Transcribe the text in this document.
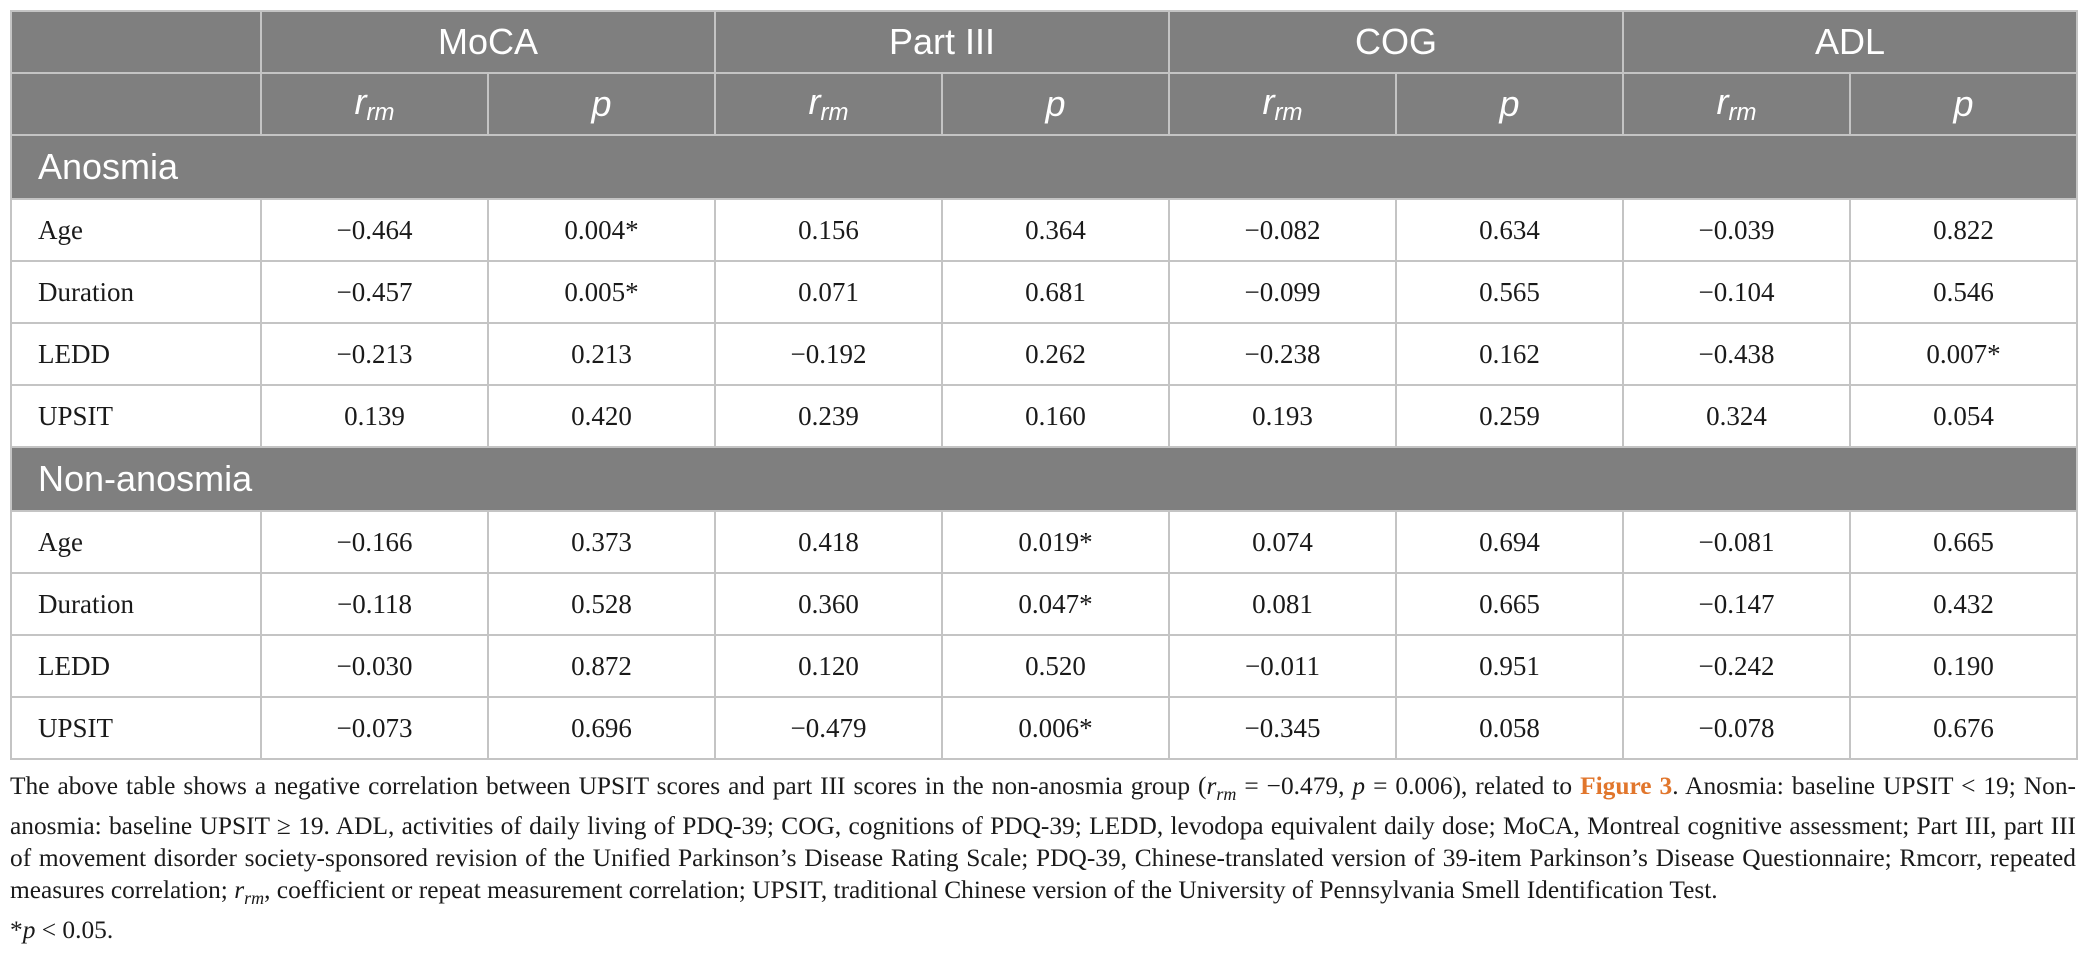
	MoCA		Part III		COG		ADL	
	$r_{rm}$	p	$r_{rm}$	p	$r_{rm}$	p	$r_{rm}$	p
Anosmia								
Age	−0.464	0.004*	0.156	0.364	−0.082	0.634	−0.039	0.822
Duration	−0.457	0.005*	0.071	0.681	−0.099	0.565	−0.104	0.546
LEDD	−0.213	0.213	−0.192	0.262	−0.238	0.162	−0.438	0.007*
UPSIT	0.139	0.420	0.239	0.160	0.193	0.259	0.324	0.054
Non-anosmia								
Age	−0.166	0.373	0.418	0.019*	0.074	0.694	−0.081	0.665
Duration	−0.118	0.528	0.360	0.047*	0.081	0.665	−0.147	0.432
LEDD	−0.030	0.872	0.120	0.520	−0.011	0.951	−0.242	0.190
UPSIT	−0.073	0.696	−0.479	0.006*	−0.345	0.058	−0.078	0.676
The above table shows a negative correlation between UPSIT scores and part III scores in the non-anosmia group ($r_{rm} = -0.479$, p = 0.006), related to Figure 3. Anosmia: baseline UPSIT < 19; Non-anosmia: baseline UPSIT ≥ 19. ADL, activities of daily living of PDQ-39; COG, cognitions of PDQ-39; LEDD, levodopa equivalent daily dose; MoCA, Montreal cognitive assessment; Part III, part III of movement disorder society-sponsored revision of the Unified Parkinson’s Disease Rating Scale; PDQ-39, Chinese-translated version of 39-item Parkinson’s Disease Questionnaire; Rmcorr, repeated measures correlation; $r_{rm}$, coefficient or repeat measurement correlation; UPSIT, traditional Chinese version of the University of Pennsylvania Smell Identification Test.
*p < 0.05.
